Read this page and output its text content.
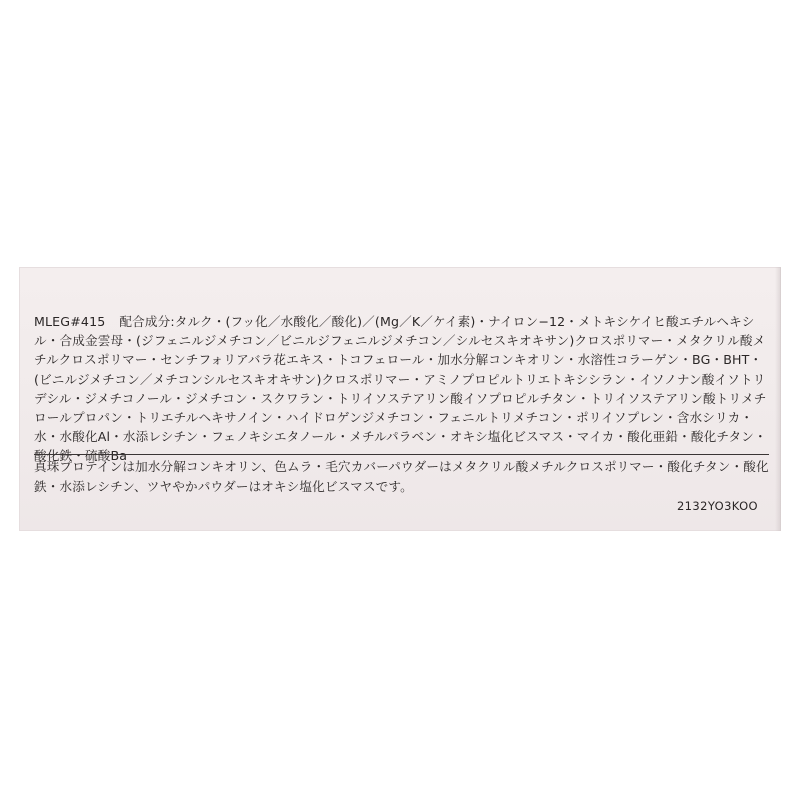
MLEG#415 配合成分:タルク・(フッ化／水酸化／酸化)／(Mg／K／ケイ素)・ナイロン−12・メトキシケイヒ酸エチルヘキシル・合成金雲母・(ジフェニルジメチコン／ビニルジフェニルジメチコン／シルセスキオキサン)クロスポリマー・メタクリル酸メチルクロスポリマー・センチフォリアバラ花エキス・トコフェロール・加水分解コンキオリン・水溶性コラーゲン・BG・BHT・(ビニルジメチコン／メチコンシルセスキオキサン)クロスポリマー・アミノプロピルトリエトキシシラン・イソノナン酸イソトリデシル・ジメチコノール・ジメチコン・スクワラン・トリイソステアリン酸イソプロピルチタン・トリイソステアリン酸トリメチロールプロパン・トリエチルヘキサノイン・ハイドロゲンジメチコン・フェニルトリメチコン・ポリイソプレン・含水シリカ・水・水酸化Al・水添レシチン・フェノキシエタノール・メチルパラベン・オキシ塩化ビスマス・マイカ・酸化亜鉛・酸化チタン・酸化鉄・硫酸Ba

真珠プロテインは加水分解コンキオリン、色ムラ・毛穴カバーパウダーはメタクリル酸メチルクロスポリマー・酸化チタン・酸化鉄・水添レシチン、ツヤやかパウダーはオキシ塩化ビスマスです。

2132YO3KOO
